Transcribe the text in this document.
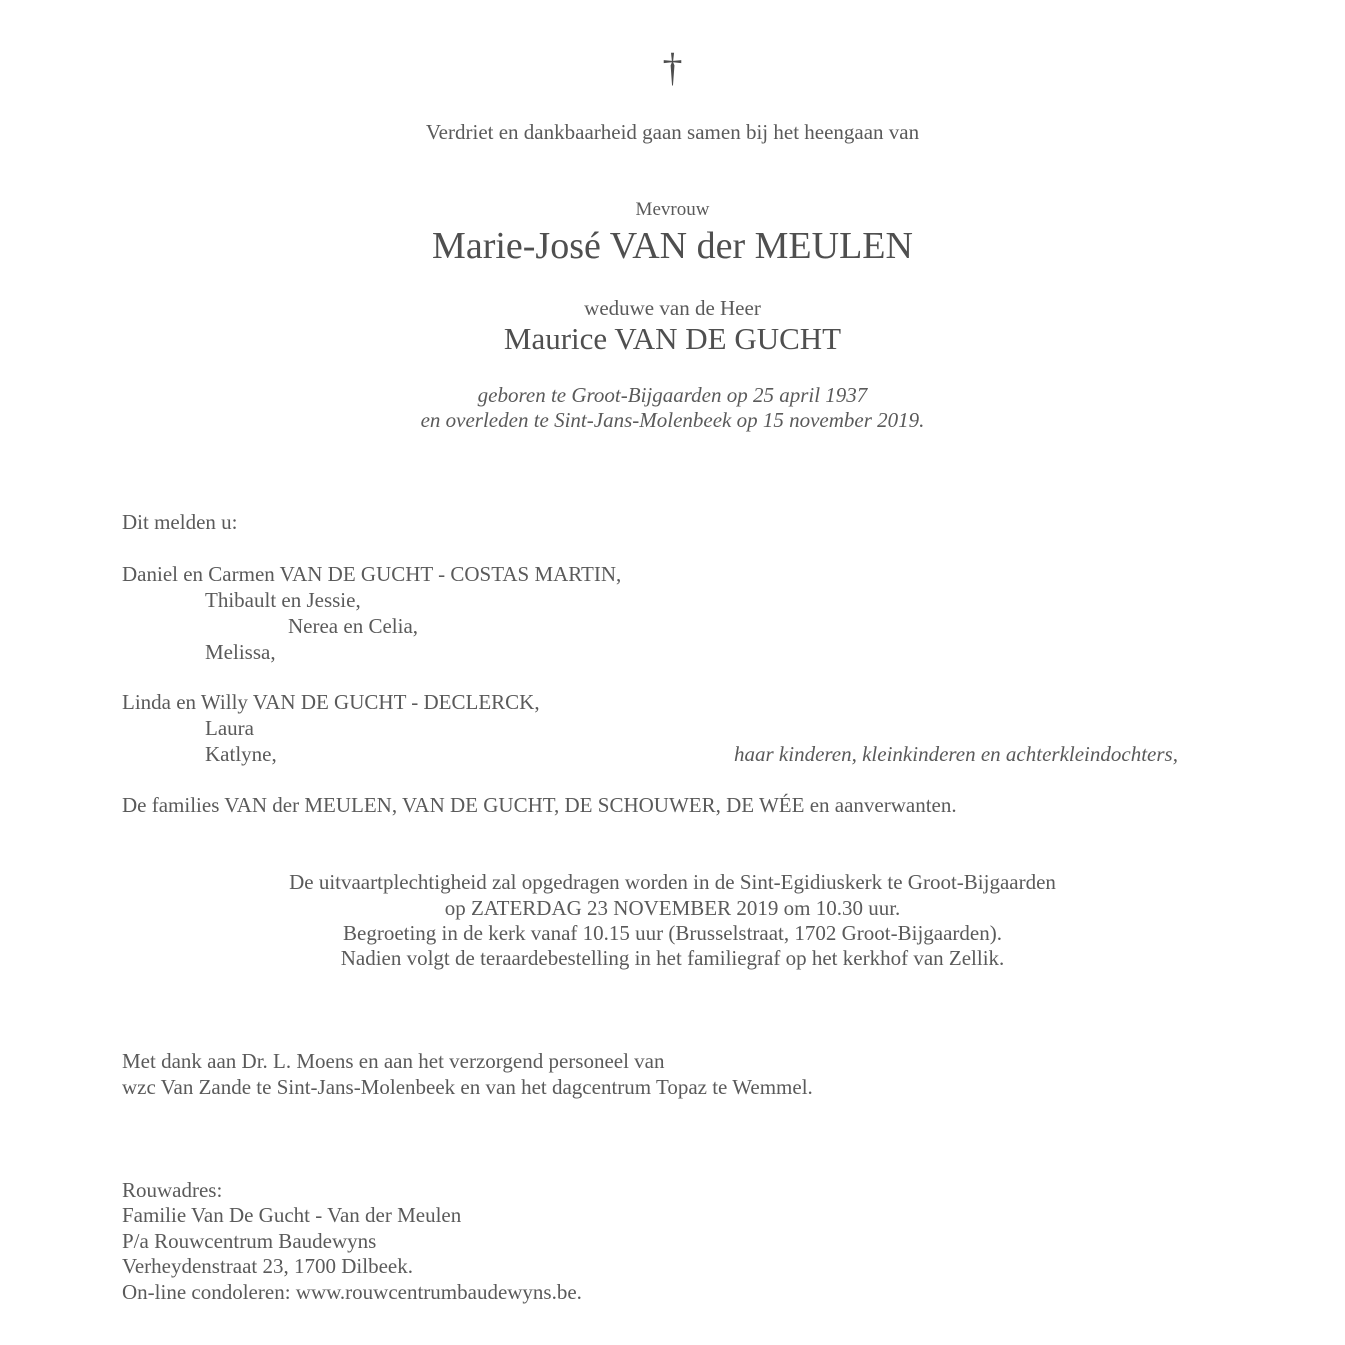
†
Verdriet en dankbaarheid gaan samen bij het heengaan van
Mevrouw
Marie-José VAN der MEULEN
weduwe van de Heer
Maurice VAN DE GUCHT
geboren te Groot-Bijgaarden op 25 april 1937
en overleden te Sint-Jans-Molenbeek op 15 november 2019.
Dit melden u:
Daniel en Carmen VAN DE GUCHT - COSTAS MARTIN,
Thibault en Jessie,
Nerea en Celia,
Melissa,
Linda en Willy VAN DE GUCHT - DECLERCK,
Laura
Katlyne,	haar kinderen, kleinkinderen en achterkleindochters,
De families VAN der MEULEN, VAN DE GUCHT, DE SCHOUWER, DE WÉE en aanverwanten.
De uitvaartplechtigheid zal opgedragen worden in de Sint-Egidiuskerk te Groot-Bijgaarden
op ZATERDAG 23 NOVEMBER 2019 om 10.30 uur.
Begroeting in de kerk vanaf 10.15 uur (Brusselstraat, 1702 Groot-Bijgaarden).
Nadien volgt de teraardebestelling in het familiegraf op het kerkhof van Zellik.
Met dank aan Dr. L. Moens en aan het verzorgend personeel van
wzc Van Zande te Sint-Jans-Molenbeek en van het dagcentrum Topaz te Wemmel.
Rouwadres:
Familie Van De Gucht - Van der Meulen
P/a Rouwcentrum Baudewyns
Verheydenstraat 23, 1700 Dilbeek.
On-line condoleren: www.rouwcentrumbaudewyns.be.
